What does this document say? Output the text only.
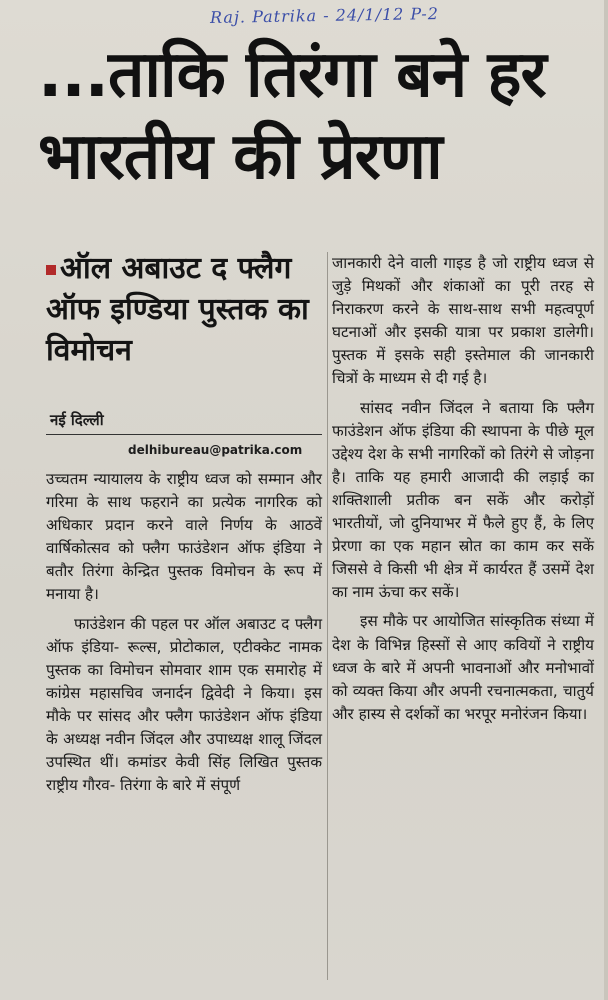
Raj. Patrika - 24/1/12 P-2
...ताकि तिरंगा बने हर भारतीय की प्रेरणा
ऑल अबाउट द फ्लैग ऑफ इण्डिया पुस्तक का विमोचन
नई दिल्ली
delhibureau@patrika.com

उच्चतम न्यायालय के राष्ट्रीय ध्वज को सम्मान और गरिमा के साथ फहराने का प्रत्येक नागरिक को अधिकार प्रदान करने वाले निर्णय के आठवें वार्षिकोत्सव को फ्लैग फाउंडेशन ऑफ इंडिया ने बतौर तिरंगा केन्द्रित पुस्तक विमोचन के रूप में मनाया है।

फाउंडेशन की पहल पर ऑल अबाउट द फ्लैग ऑफ इंडिया- रूल्स, प्रोटोकाल, एटीक्केट नामक पुस्तक का विमोचन सोमवार शाम एक समारोह में कांग्रेस महासचिव जनार्दन द्विवेदी ने किया। इस मौके पर सांसद और फ्लैग फाउंडेशन ऑफ इंडिया के अध्यक्ष नवीन जिंदल और उपाध्यक्ष शालू जिंदल उपस्थित थीं। कमांडर केवी सिंह लिखित पुस्तक राष्ट्रीय गौरव- तिरंगा के बारे में संपूर्ण

जानकारी देने वाली गाइड है जो राष्ट्रीय ध्वज से जुड़े मिथकों और शंकाओं का पूरी तरह से निराकरण करने के साथ-साथ सभी महत्वपूर्ण घटनाओं और इसकी यात्रा पर प्रकाश डालेगी। पुस्तक में इसके सही इस्तेमाल की जानकारी चित्रों के माध्यम से दी गई है।

सांसद नवीन जिंदल ने बताया कि फ्लैग फाउंडेशन ऑफ इंडिया की स्थापना के पीछे मूल उद्देश्य देश के सभी नागरिकों को तिरंगे से जोड़ना है। ताकि यह हमारी आजादी की लड़ाई का शक्तिशाली प्रतीक बन सकें और करोड़ों भारतीयों, जो दुनियाभर में फैले हुए हैं, के लिए प्रेरणा का एक महान स्रोत का काम कर सकें जिससे वे किसी भी क्षेत्र में कार्यरत हैं उसमें देश का नाम ऊंचा कर सकें।

इस मौके पर आयोजित सांस्कृतिक संध्या में देश के विभिन्न हिस्सों से आए कवियों ने राष्ट्रीय ध्वज के बारे में अपनी भावनाओं और मनोभावों को व्यक्त किया और अपनी रचनात्मकता, चातुर्य और हास्य से दर्शकों का भरपूर मनोरंजन किया।
